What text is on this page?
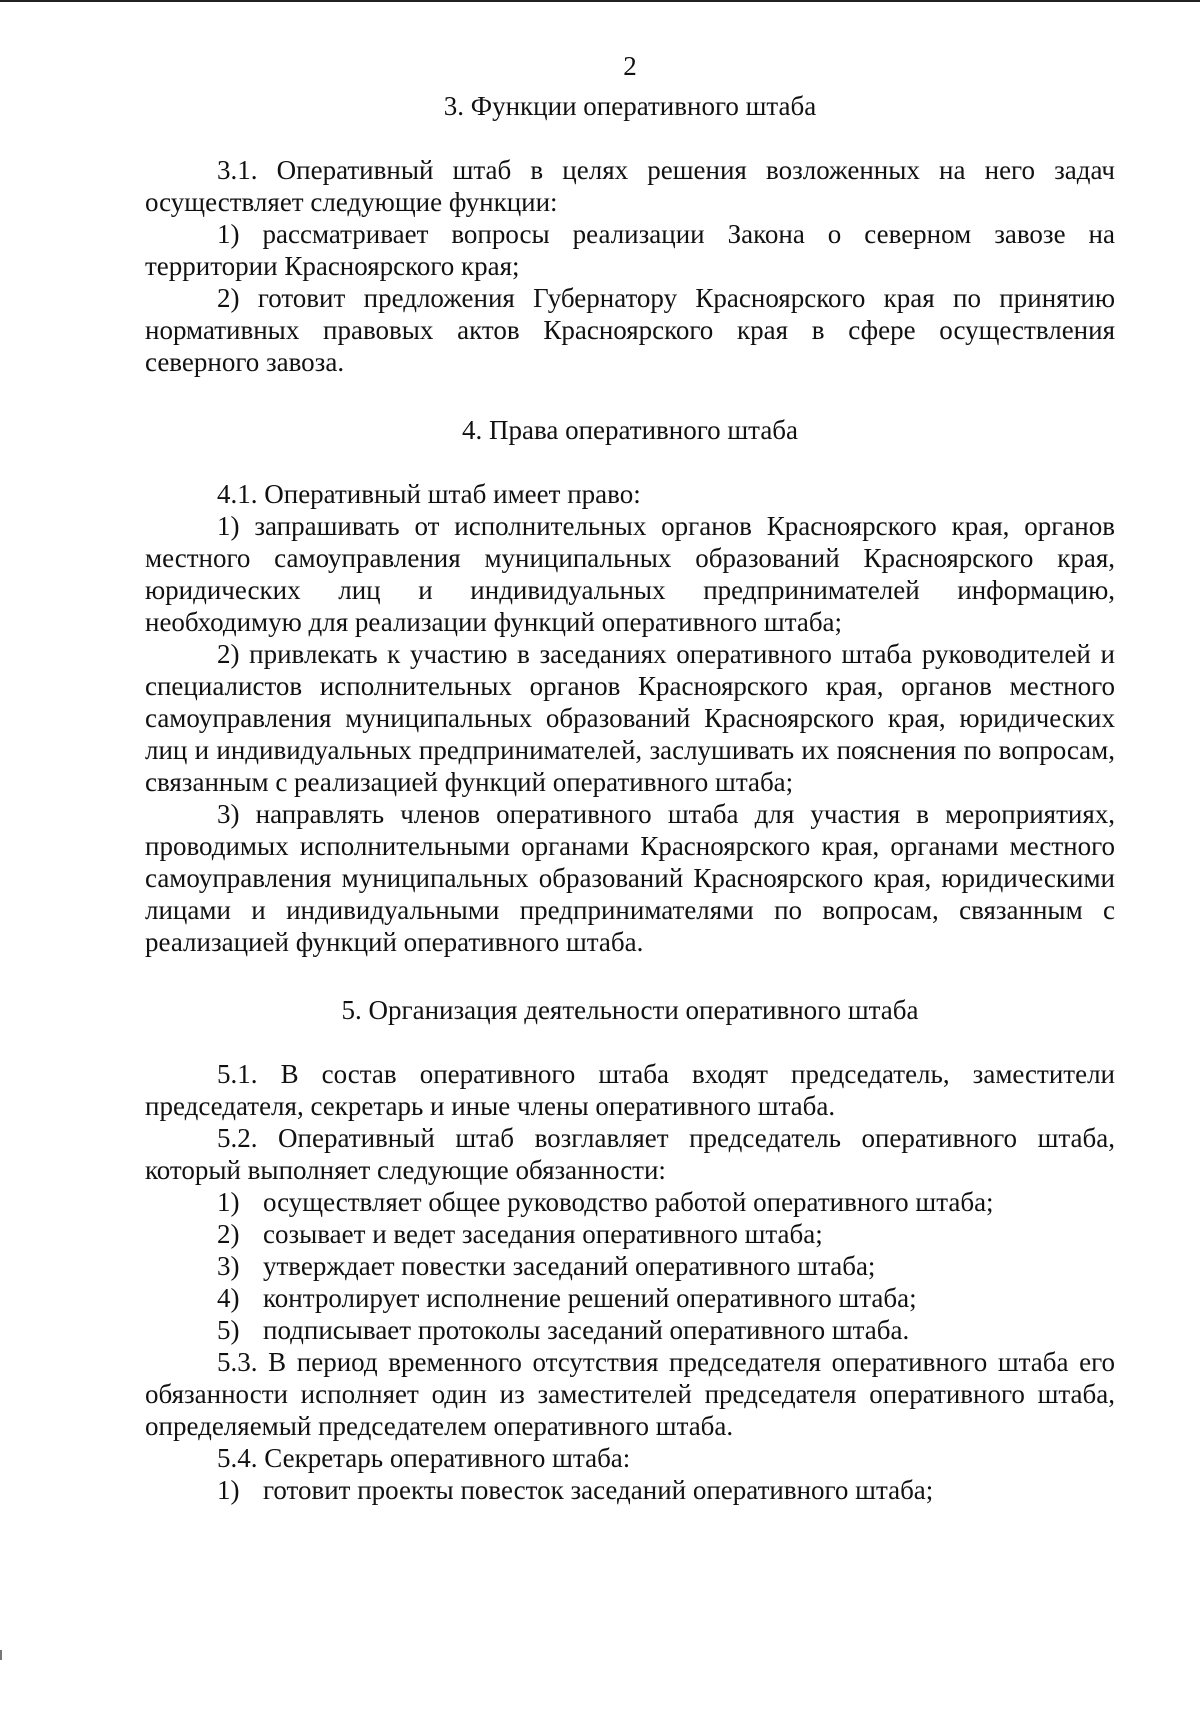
2
3. Функции оперативного штаба

3.1. Оперативный штаб в целях решения возложенных на него задач осуществляет следующие функции:

1) рассматривает вопросы реализации Закона о северном завозе на территории Красноярского края;

2) готовит предложения Губернатору Красноярского края по принятию нормативных правовых актов Красноярского края в сфере осуществления северного завоза.

4. Права оперативного штаба

4.1. Оперативный штаб имеет право:

1) запрашивать от исполнительных органов Красноярского края, органов местного самоуправления муниципальных образований Красноярского края, юридических лиц и индивидуальных предпринимателей информацию, необходимую для реализации функций оперативного штаба;

2) привлекать к участию в заседаниях оперативного штаба руководителей и специалистов исполнительных органов Красноярского края, органов местного самоуправления муниципальных образований Красноярского края, юридических лиц и индивидуальных предпринимателей, заслушивать их пояснения по вопросам, связанным с реализацией функций оперативного штаба;

3) направлять членов оперативного штаба для участия в мероприятиях, проводимых исполнительными органами Красноярского края, органами местного самоуправления муниципальных образований Красноярского края, юридическими лицами и индивидуальными предпринимателями по вопросам, связанным с реализацией функций оперативного штаба.

5. Организация деятельности оперативного штаба

5.1. В состав оперативного штаба входят председатель, заместители председателя, секретарь и иные члены оперативного штаба.

5.2. Оперативный штаб возглавляет председатель оперативного штаба, который выполняет следующие обязанности:

1) осуществляет общее руководство работой оперативного штаба;
2) созывает и ведет заседания оперативного штаба;
3) утверждает повестки заседаний оперативного штаба;
4) контролирует исполнение решений оперативного штаба;
5) подписывает протоколы заседаний оперативного штаба.

5.3. В период временного отсутствия председателя оперативного штаба его обязанности исполняет один из заместителей председателя оперативного штаба, определяемый председателем оперативного штаба.

5.4. Секретарь оперативного штаба:

1) готовит проекты повесток заседаний оперативного штаба;
